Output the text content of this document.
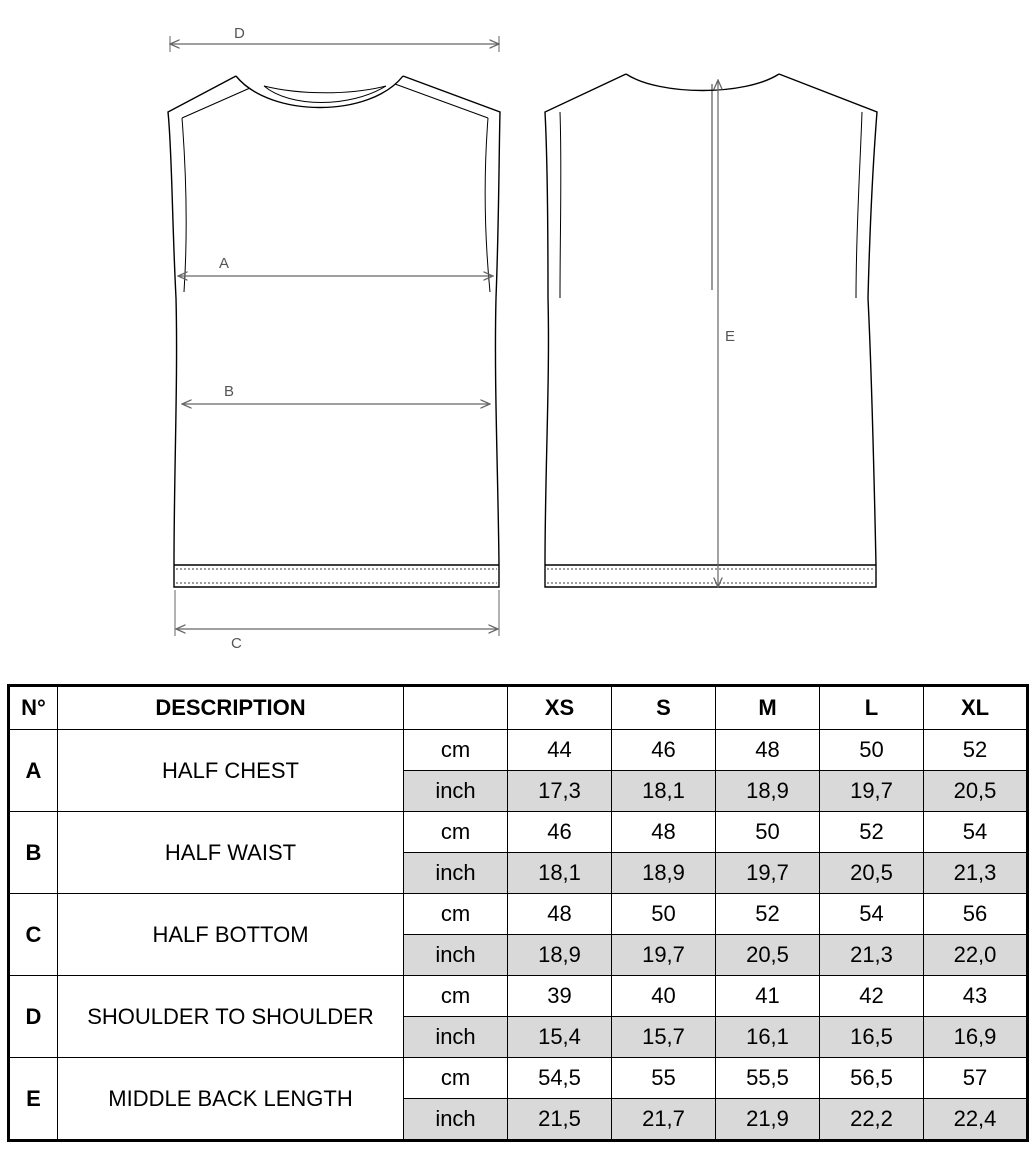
D
A
B
C
E
N°	DESCRIPTION		XS	S	M	L	XL
A	HALF CHEST	cm	44	46	48	50	52
		inch	17,3	18,1	18,9	19,7	20,5
B	HALF WAIST	cm	46	48	50	52	54
		inch	18,1	18,9	19,7	20,5	21,3
C	HALF BOTTOM	cm	48	50	52	54	56
		inch	18,9	19,7	20,5	21,3	22,0
D	SHOULDER TO SHOULDER	cm	39	40	41	42	43
		inch	15,4	15,7	16,1	16,5	16,9
E	MIDDLE BACK LENGTH	cm	54,5	55	55,5	56,5	57
		inch	21,5	21,7	21,9	22,2	22,4
